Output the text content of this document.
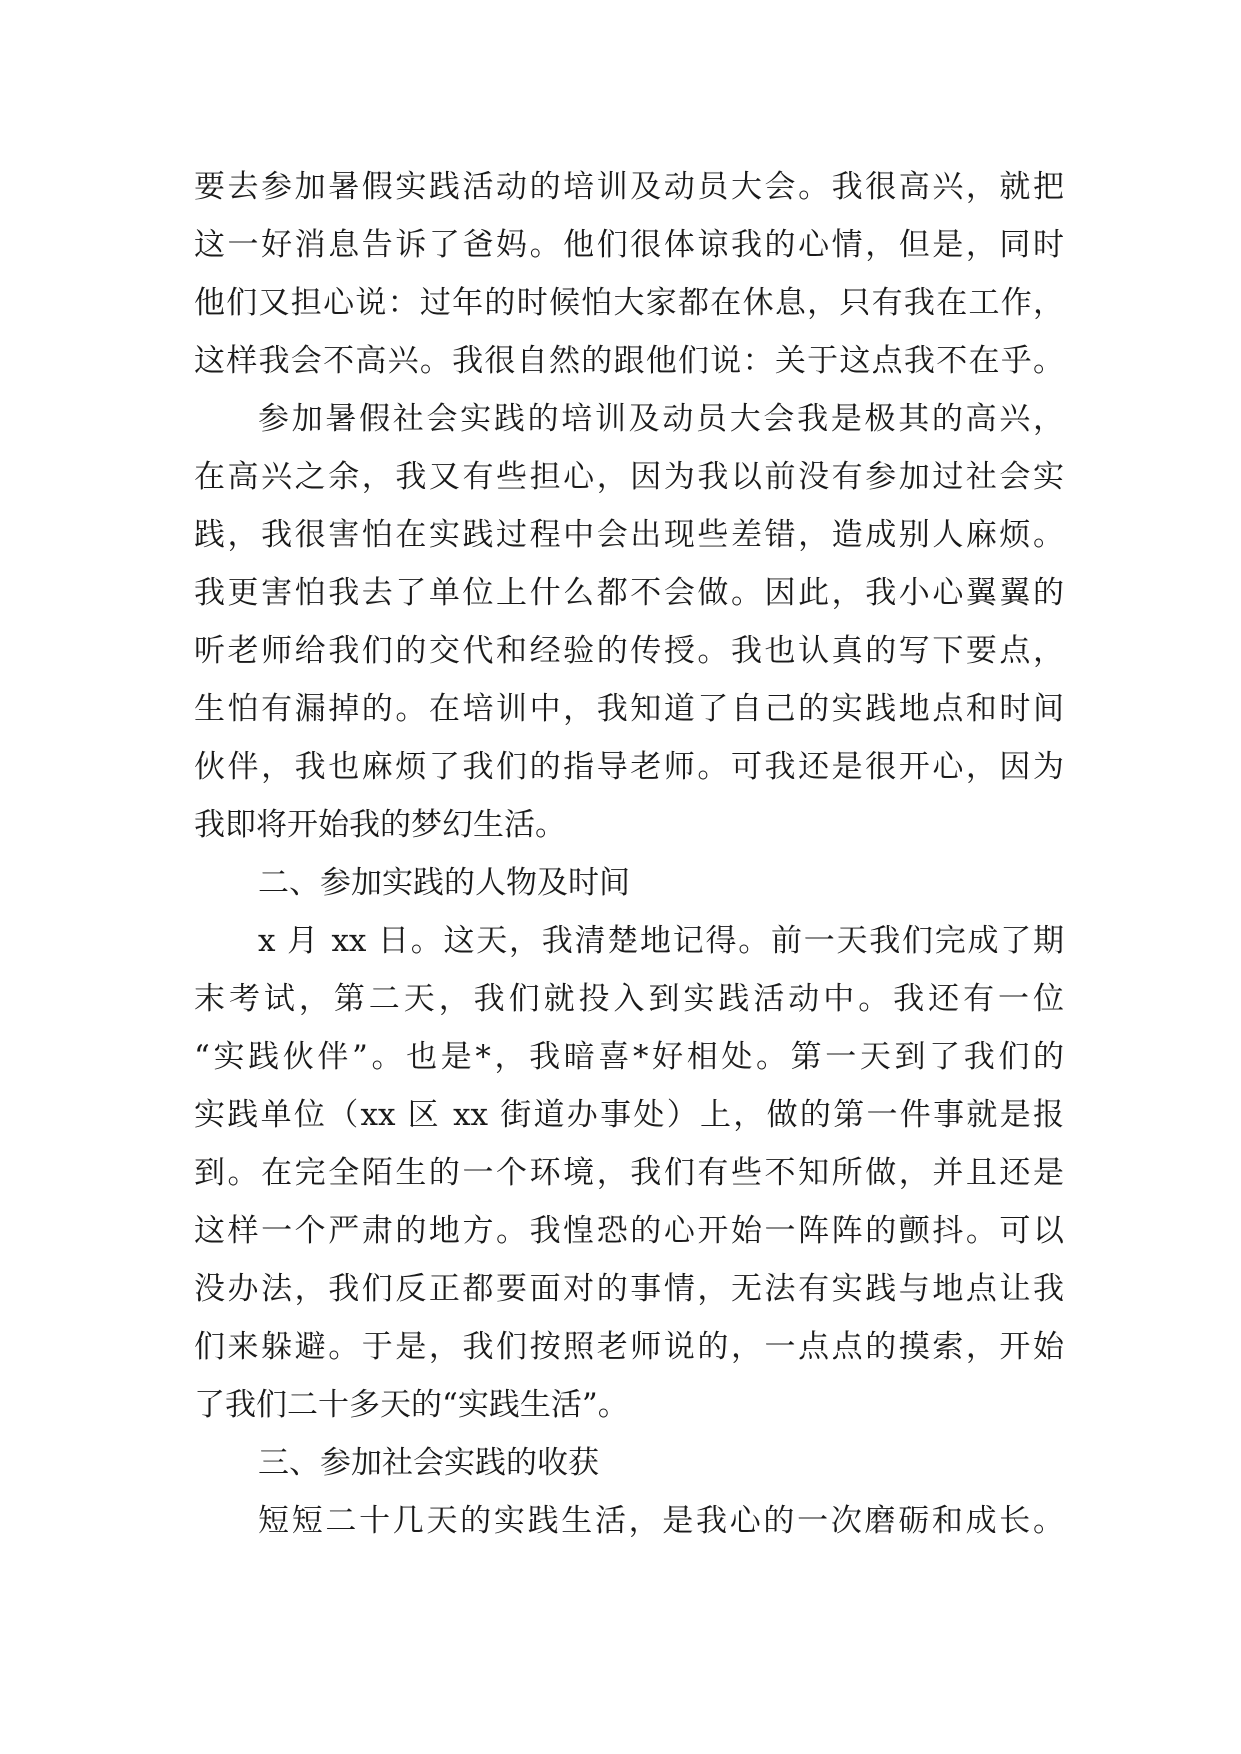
要去参加暑假实践活动的培训及动员大会。我很高兴，就把
这一好消息告诉了爸妈。他们很体谅我的心情，但是，同时
他们又担心说：过年的时候怕大家都在休息，只有我在工作，
这样我会不高兴。我很自然的跟他们说：关于这点我不在乎。
参加暑假社会实践的培训及动员大会我是极其的高兴，
在高兴之余，我又有些担心，因为我以前没有参加过社会实
践，我很害怕在实践过程中会出现些差错，造成别人麻烦。
我更害怕我去了单位上什么都不会做。因此，我小心翼翼的
听老师给我们的交代和经验的传授。我也认真的写下要点，
生怕有漏掉的。在培训中，我知道了自己的实践地点和时间
伙伴，我也麻烦了我们的指导老师。可我还是很开心，因为
我即将开始我的梦幻生活。
二、参加实践的人物及时间
x 月 xx 日。这天，我清楚地记得。前一天我们完成了期
末考试，第二天，我们就投入到实践活动中。我还有一位
“实践伙伴”。也是*，我暗喜*好相处。第一天到了我们的
实践单位（xx 区 xx 街道办事处）上，做的第一件事就是报
到。在完全陌生的一个环境，我们有些不知所做，并且还是
这样一个严肃的地方。我惶恐的心开始一阵阵的颤抖。可以
没办法，我们反正都要面对的事情，无法有实践与地点让我
们来躲避。于是，我们按照老师说的，一点点的摸索，开始
了我们二十多天的“实践生活”。
三、参加社会实践的收获
短短二十几天的实践生活，是我心的一次磨砺和成长。
